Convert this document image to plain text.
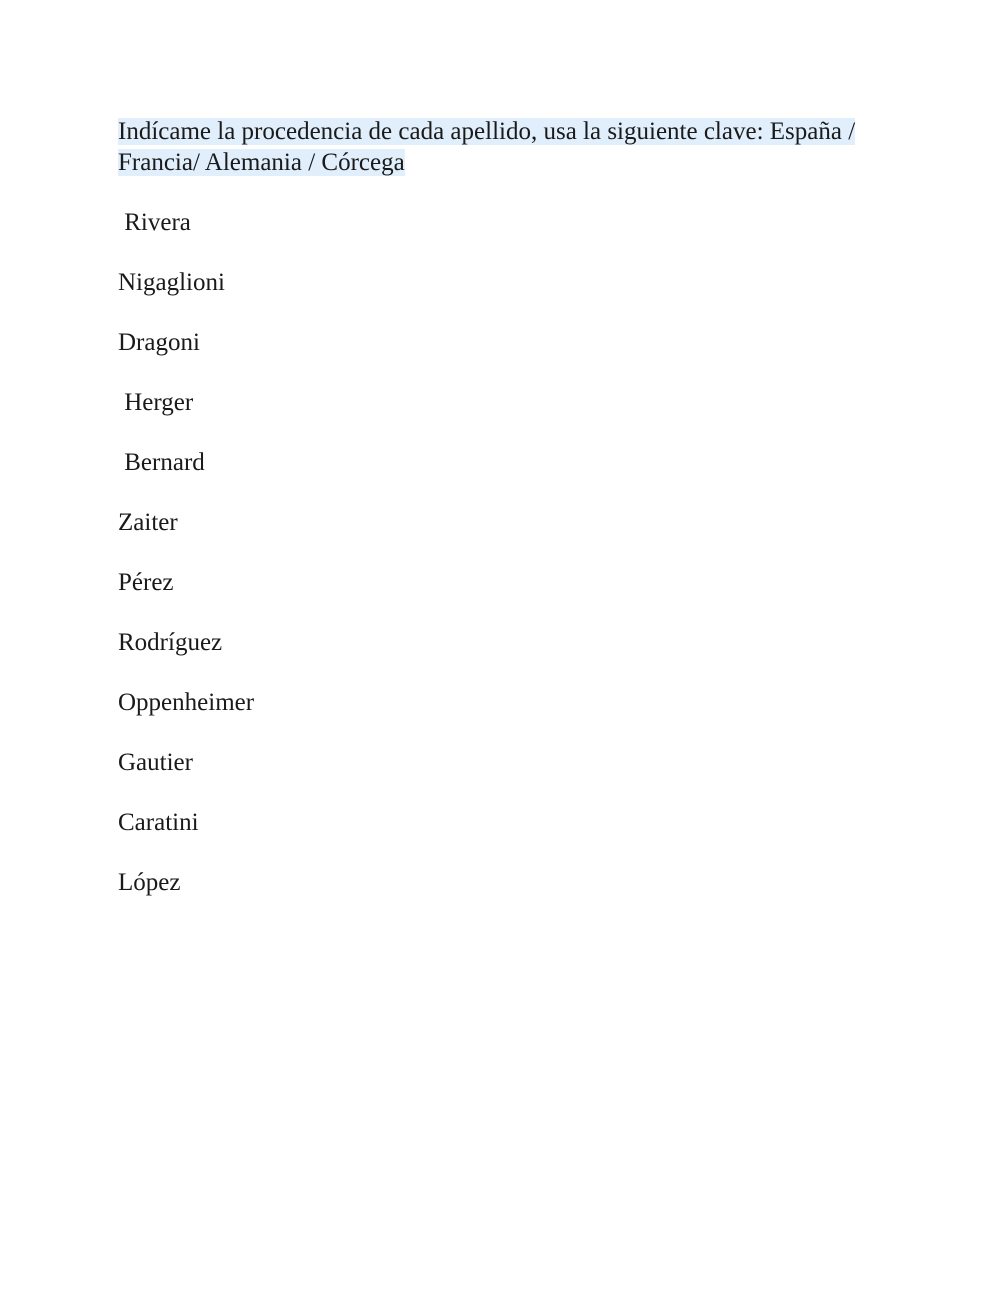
Indícame la procedencia de cada apellido, usa la siguiente clave: España / Francia/ Alemania / Córcega

Rivera
Nigaglioni
Dragoni
Herger
Bernard
Zaiter
Pérez
Rodríguez
Oppenheimer
Gautier
Caratini
López
